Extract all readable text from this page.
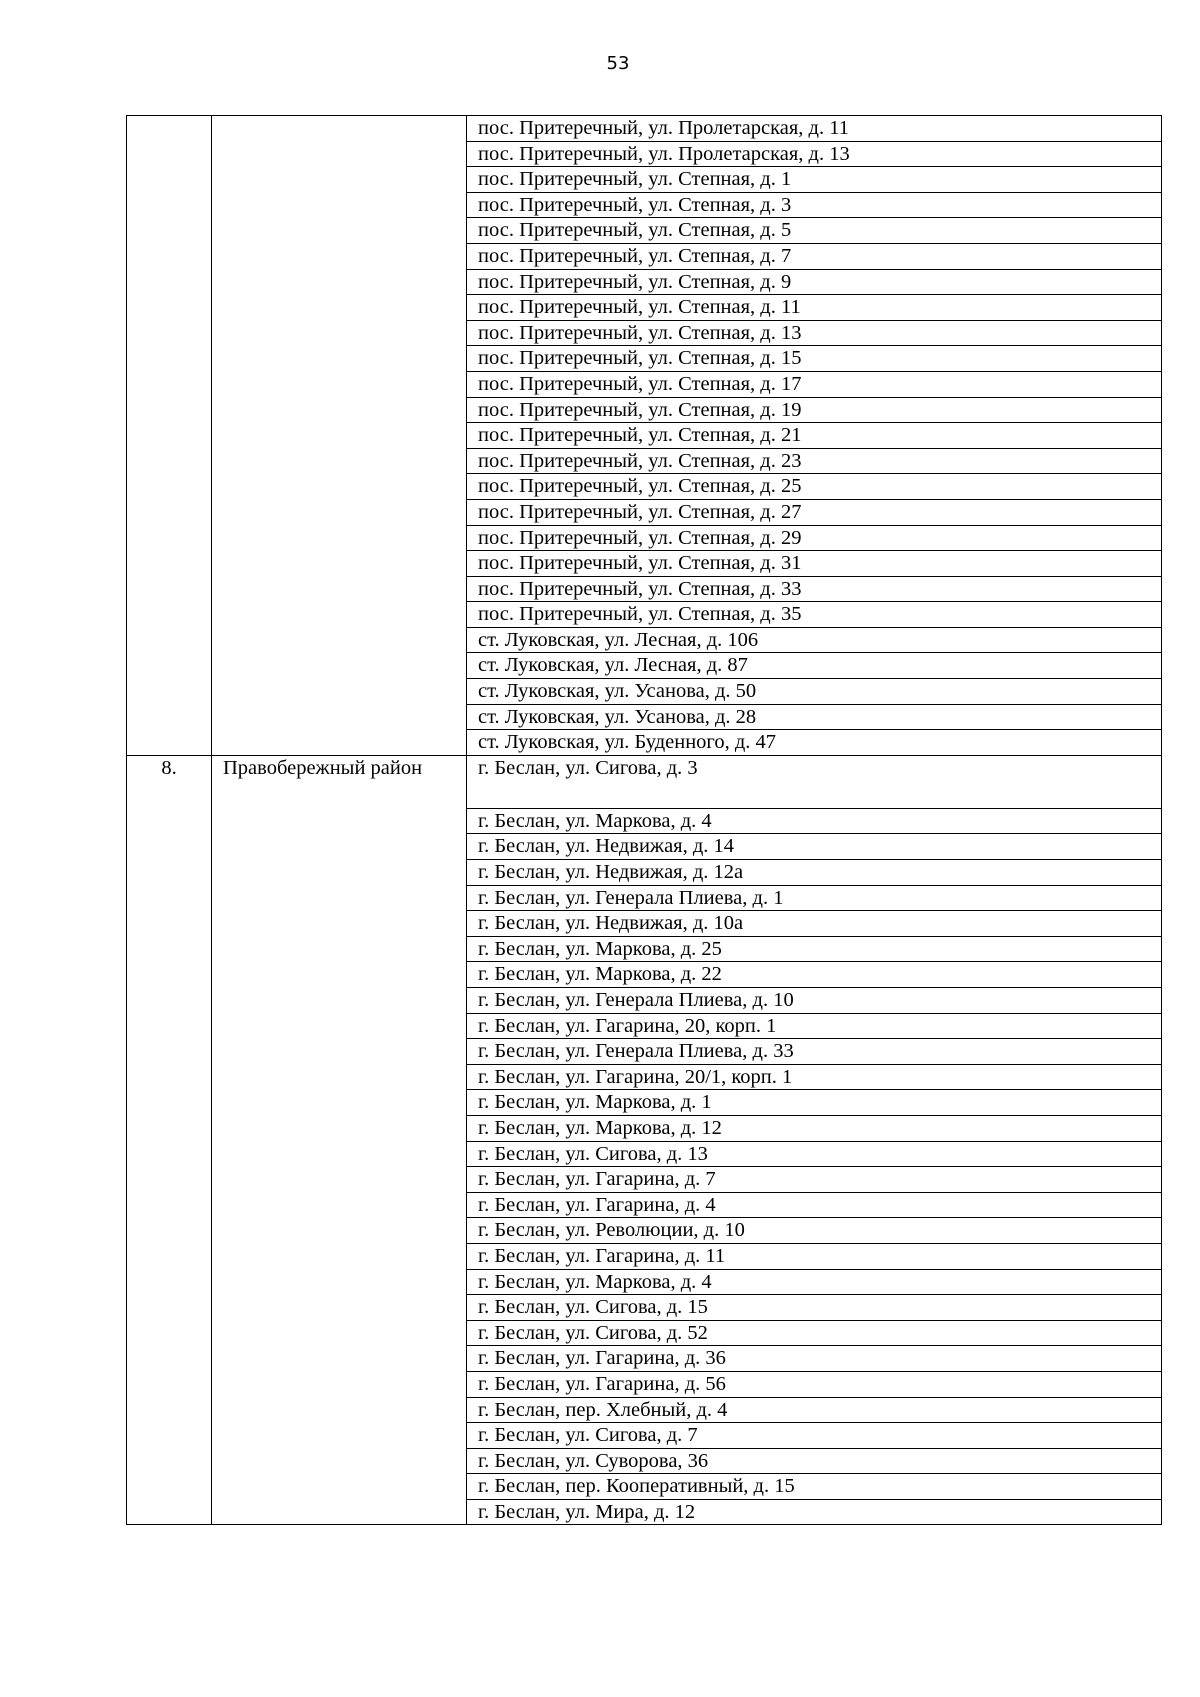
53
		пос. Притеречный, ул. Пролетарская, д. 11
		пос. Притеречный, ул. Пролетарская, д. 13
		пос. Притеречный, ул. Степная, д. 1
		пос. Притеречный, ул. Степная, д. 3
		пос. Притеречный, ул. Степная, д. 5
		пос. Притеречный, ул. Степная, д. 7
		пос. Притеречный, ул. Степная, д. 9
		пос. Притеречный, ул. Степная, д. 11
		пос. Притеречный, ул. Степная, д. 13
		пос. Притеречный, ул. Степная, д. 15
		пос. Притеречный, ул. Степная, д. 17
		пос. Притеречный, ул. Степная, д. 19
		пос. Притеречный, ул. Степная, д. 21
		пос. Притеречный, ул. Степная, д. 23
		пос. Притеречный, ул. Степная, д. 25
		пос. Притеречный, ул. Степная, д. 27
		пос. Притеречный, ул. Степная, д. 29
		пос. Притеречный, ул. Степная, д. 31
		пос. Притеречный, ул. Степная, д. 33
		пос. Притеречный, ул. Степная, д. 35
		ст. Луковская, ул. Лесная, д. 106
		ст. Луковская, ул. Лесная, д. 87
		ст. Луковская, ул. Усанова, д. 50
		ст. Луковская, ул. Усанова, д. 28
		ст. Луковская, ул. Буденного, д. 47
8.	Правобережный район	г. Беслан, ул. Сигова, д. 3
		г. Беслан, ул. Маркова, д. 4
		г. Беслан, ул. Недвижая, д. 14
		г. Беслан, ул. Недвижая, д. 12а
		г. Беслан, ул. Генерала Плиева, д. 1
		г. Беслан, ул. Недвижая, д. 10а
		г. Беслан, ул. Маркова, д. 25
		г. Беслан, ул. Маркова, д. 22
		г. Беслан, ул. Генерала Плиева, д. 10
		г. Беслан, ул. Гагарина, 20, корп. 1
		г. Беслан, ул. Генерала Плиева, д. 33
		г. Беслан, ул. Гагарина, 20/1, корп. 1
		г. Беслан, ул. Маркова, д. 1
		г. Беслан, ул. Маркова, д. 12
		г. Беслан, ул. Сигова, д. 13
		г. Беслан, ул. Гагарина, д. 7
		г. Беслан, ул. Гагарина, д. 4
		г. Беслан, ул. Революции, д. 10
		г. Беслан, ул. Гагарина, д. 11
		г. Беслан, ул. Маркова, д. 4
		г. Беслан, ул. Сигова, д. 15
		г. Беслан, ул. Сигова, д. 52
		г. Беслан, ул. Гагарина, д. 36
		г. Беслан, ул. Гагарина, д. 56
		г. Беслан, пер. Хлебный, д. 4
		г. Беслан, ул. Сигова, д. 7
		г. Беслан, ул. Суворова, 36
		г. Беслан, пер. Кооперативный, д. 15
		г. Беслан, ул. Мира, д. 12
